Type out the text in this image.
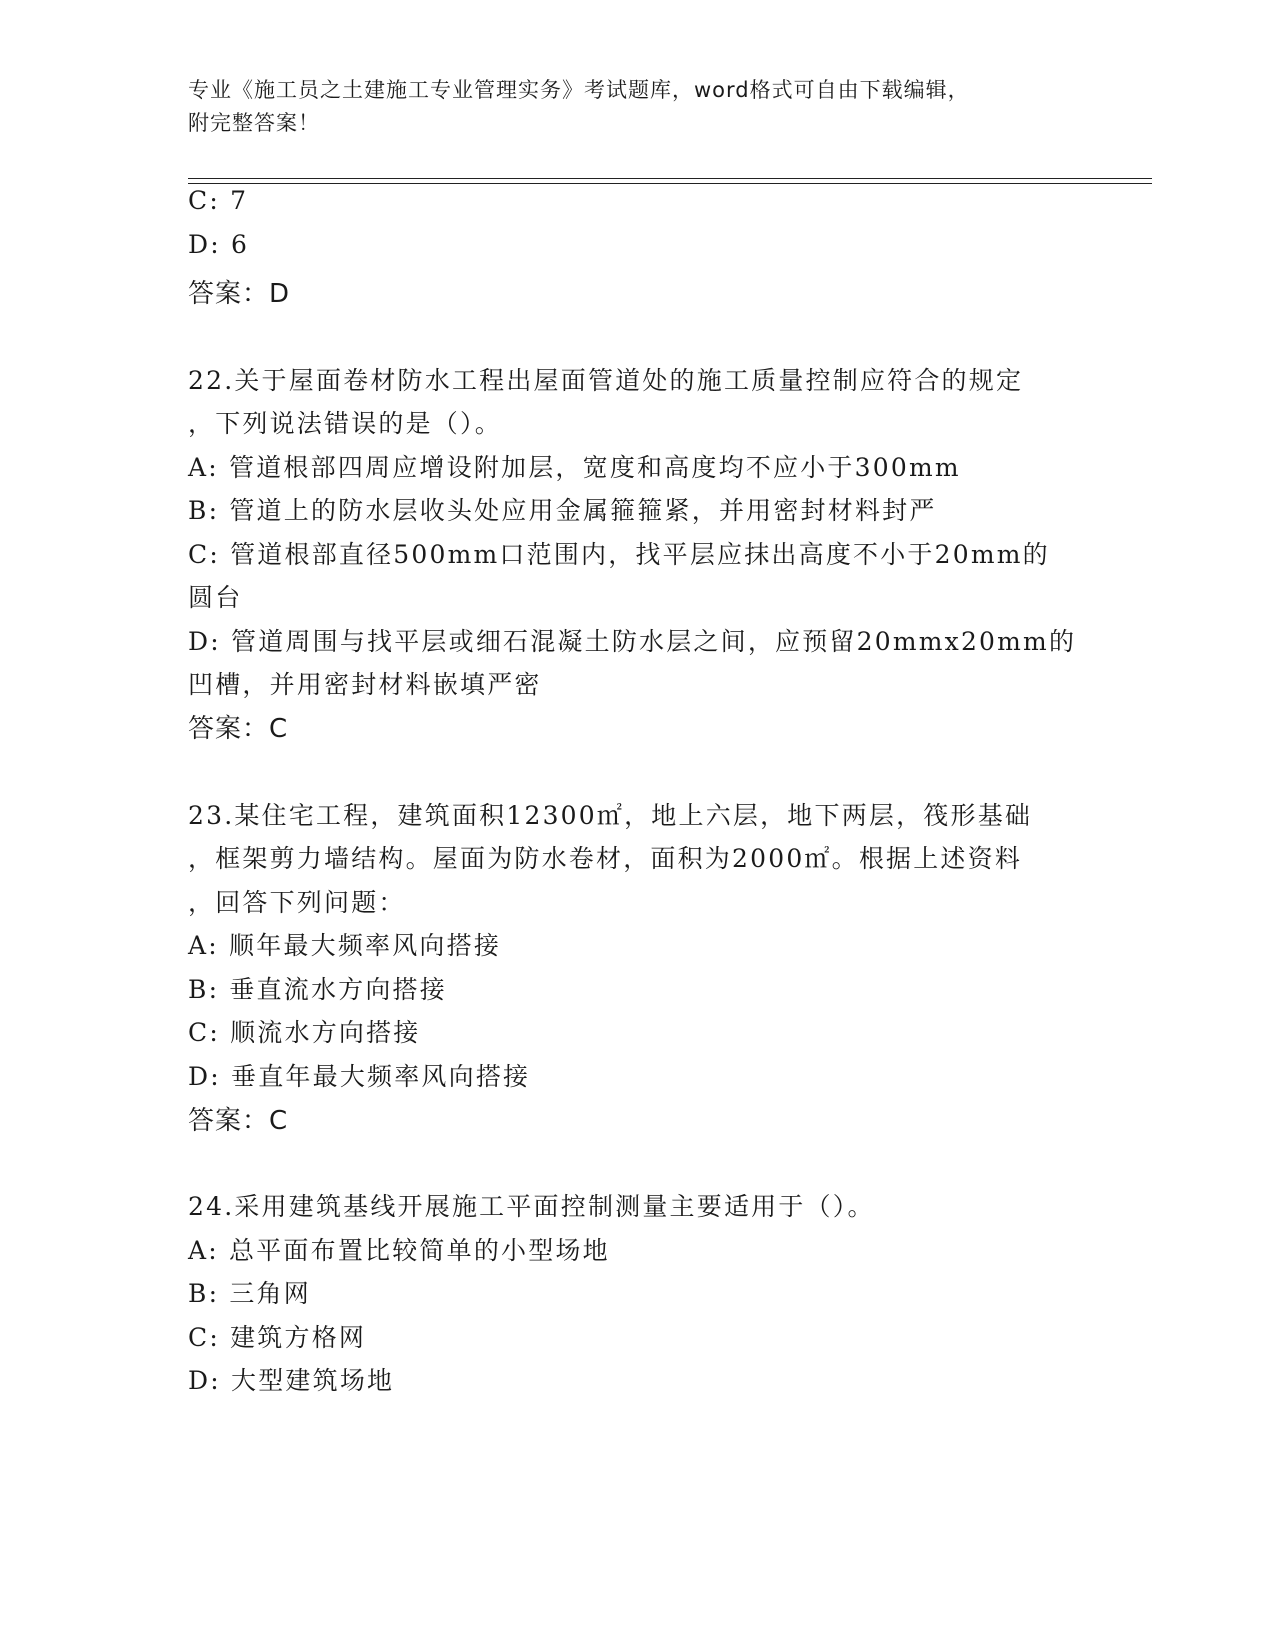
专业《施工员之土建施工专业管理实务》考试题库，word格式可自由下载编辑，
附完整答案！
C: 7
D: 6
答案：D
22.关于屋面卷材防水工程出屋面管道处的施工质量控制应符合的规定
，下列说法错误的是（）。
A: 管道根部四周应增设附加层，宽度和高度均不应小于300mm
B: 管道上的防水层收头处应用金属箍箍紧，并用密封材料封严
C: 管道根部直径500mm口范围内，找平层应抹出高度不小于20mm的
圆台
D: 管道周围与找平层或细石混凝土防水层之间，应预留20mmx20mm的
凹槽，并用密封材料嵌填严密
答案：C
23.某住宅工程，建筑面积12300㎡，地上六层，地下两层，筏形基础
，框架剪力墙结构。屋面为防水卷材，面积为2000㎡。根据上述资料
，回答下列问题：
A: 顺年最大频率风向搭接
B: 垂直流水方向搭接
C: 顺流水方向搭接
D: 垂直年最大频率风向搭接
答案：C
24.采用建筑基线开展施工平面控制测量主要适用于（）。
A: 总平面布置比较简单的小型场地
B: 三角网
C: 建筑方格网
D: 大型建筑场地
